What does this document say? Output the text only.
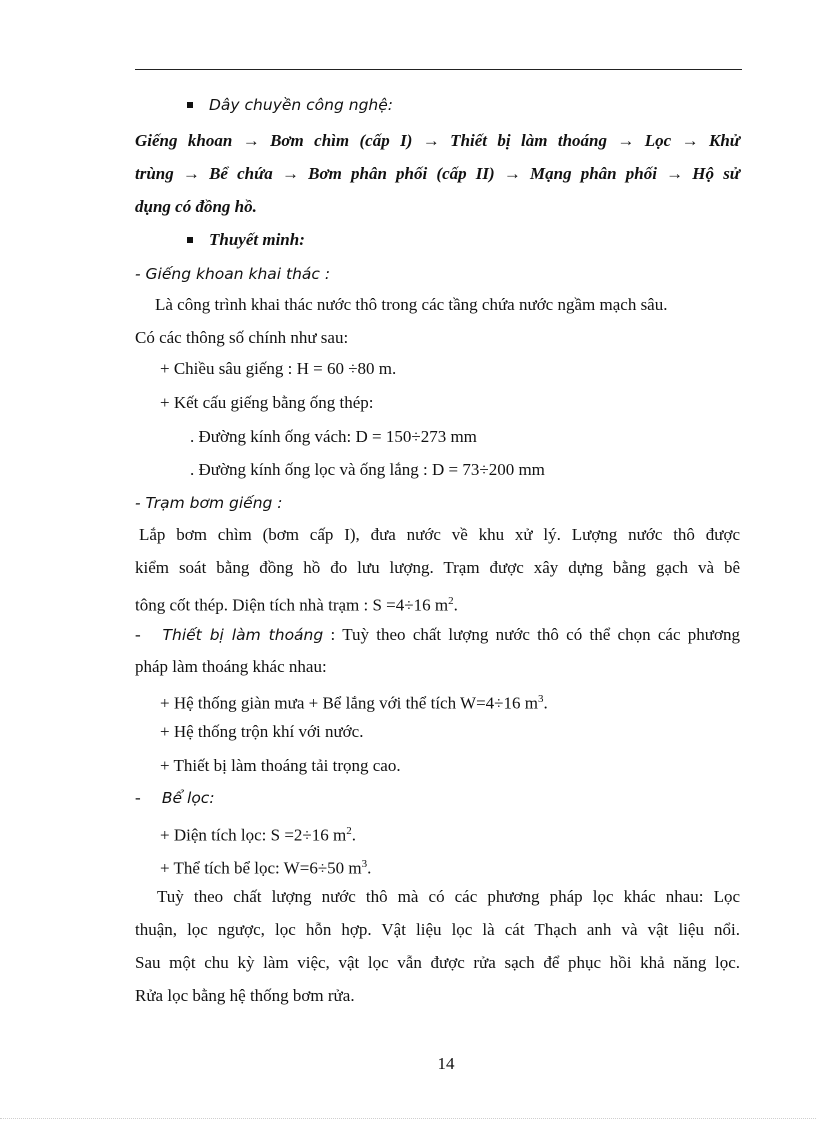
Dây chuyền công nghệ:
Giếng khoan → Bơm chìm (cấp I) → Thiết bị làm thoáng → Lọc → Khử
trùng → Bể chứa → Bơm phân phối (cấp II) → Mạng phân phối → Hộ sử
dụng có đồng hồ.
Thuyết minh:
- Giếng khoan khai thác :
Là công trình khai thác nước thô trong các tầng chứa nước ngầm mạch sâu.
Có các thông số chính như sau:
+ Chiều sâu giếng : H = 60 ÷80 m.
+ Kết cấu giếng bằng ống thép:
. Đường kính ống vách: D = 150÷273 mm
. Đường kính ống lọc và ống lắng : D = 73÷200 mm
- Trạm bơm giếng :
Lắp bơm chìm (bơm cấp I), đưa nước về khu xử lý. Lượng nước thô được
kiểm soát bằng đồng hồ đo lưu lượng. Trạm được xây dựng bằng gạch và bê
tông cốt thép. Diện tích nhà trạm : S =4÷16 $m^2$.
- Thiết bị làm thoáng : Tuỳ theo chất lượng nước thô có thể chọn các phương
pháp làm thoáng khác nhau:
+ Hệ thống giàn mưa + Bể lắng với thể tích W=4÷16 $m^3$.
+ Hệ thống trộn khí với nước.
+ Thiết bị làm thoáng tải trọng cao.
- Bể lọc:
+ Diện tích lọc: S =2÷16 $m^2$.
+ Thể tích bể lọc: W=6÷50 $m^3$.
Tuỳ theo chất lượng nước thô mà có các phương pháp lọc khác nhau: Lọc
thuận, lọc ngược, lọc hỗn hợp. Vật liệu lọc là cát Thạch anh và vật liệu nổi.
Sau một chu kỳ làm việc, vật lọc vẫn được rửa sạch để phục hồi khả năng lọc.
Rửa lọc bằng hệ thống bơm rửa.
14
